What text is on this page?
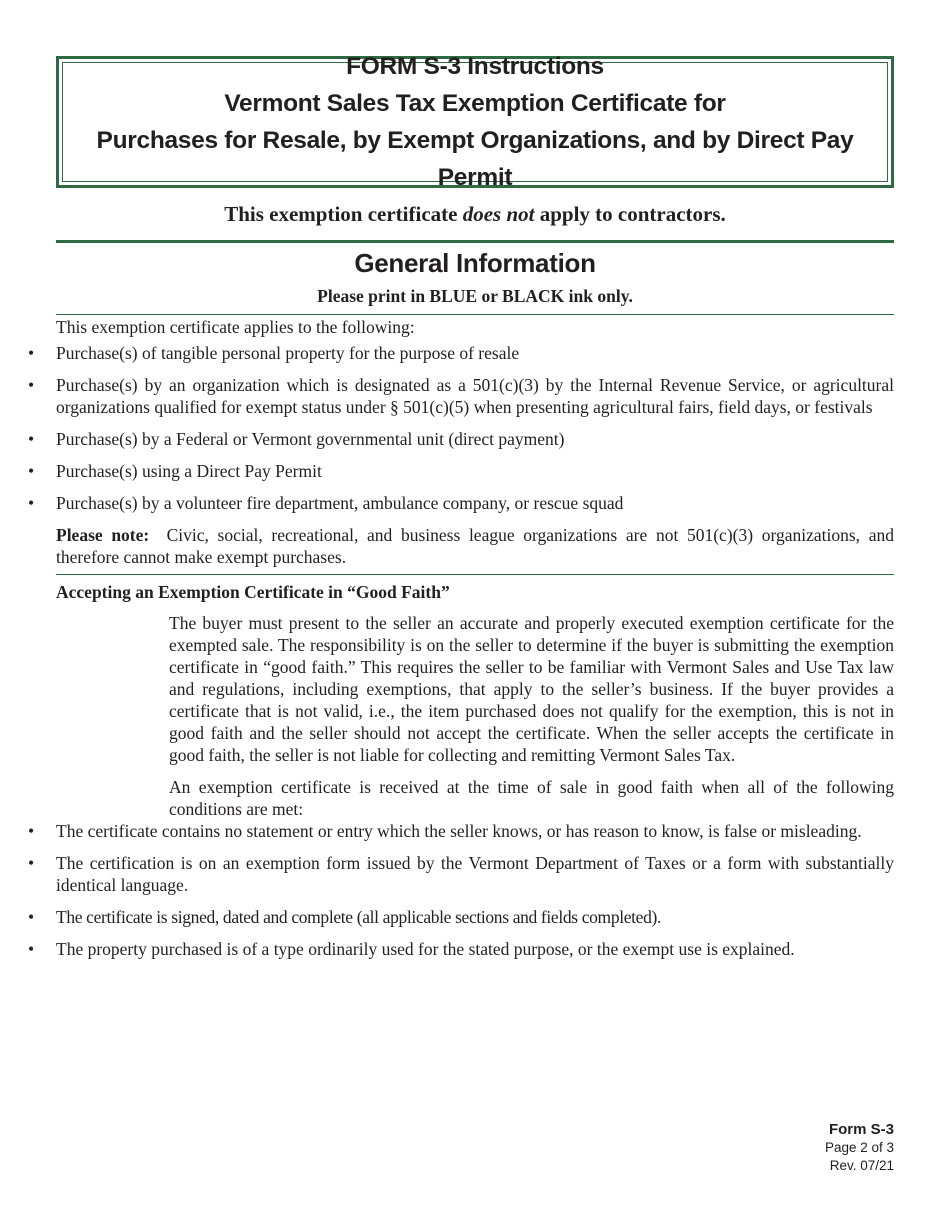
FORM S-3 Instructions
Vermont Sales Tax Exemption Certificate for
Purchases for Resale, by Exempt Organizations, and by Direct Pay Permit
This exemption certificate does not apply to contractors.
General Information
Please print in BLUE or BLACK ink only.
This exemption certificate applies to the following:
• Purchase(s) of tangible personal property for the purpose of resale
• Purchase(s) by an organization which is designated as a 501(c)(3) by the Internal Revenue Service, or agricultural organizations qualified for exempt status under § 501(c)(5) when presenting agricultural fairs, field days, or festivals
• Purchase(s) by a Federal or Vermont governmental unit (direct payment)
• Purchase(s) using a Direct Pay Permit
• Purchase(s) by a volunteer fire department, ambulance company, or rescue squad
Please note: Civic, social, recreational, and business league organizations are not 501(c)(3) organizations, and therefore cannot make exempt purchases.
Accepting an Exemption Certificate in “Good Faith”
The buyer must present to the seller an accurate and properly executed exemption certificate for the exempted sale. The responsibility is on the seller to determine if the buyer is submitting the exemption certificate in “good faith.” This requires the seller to be familiar with Vermont Sales and Use Tax law and regulations, including exemptions, that apply to the seller’s business. If the buyer provides a certificate that is not valid, i.e., the item purchased does not qualify for the exemption, this is not in good faith and the seller should not accept the certificate. When the seller accepts the certificate in good faith, the seller is not liable for collecting and remitting Vermont Sales Tax.
An exemption certificate is received at the time of sale in good faith when all of the following conditions are met:
• The certificate contains no statement or entry which the seller knows, or has reason to know, is false or misleading.
• The certification is on an exemption form issued by the Vermont Department of Taxes or a form with substantially identical language.
• The certificate is signed, dated and complete (all applicable sections and fields completed).
• The property purchased is of a type ordinarily used for the stated purpose, or the exempt use is explained.
Form S-3
Page 2 of 3
Rev. 07/21
